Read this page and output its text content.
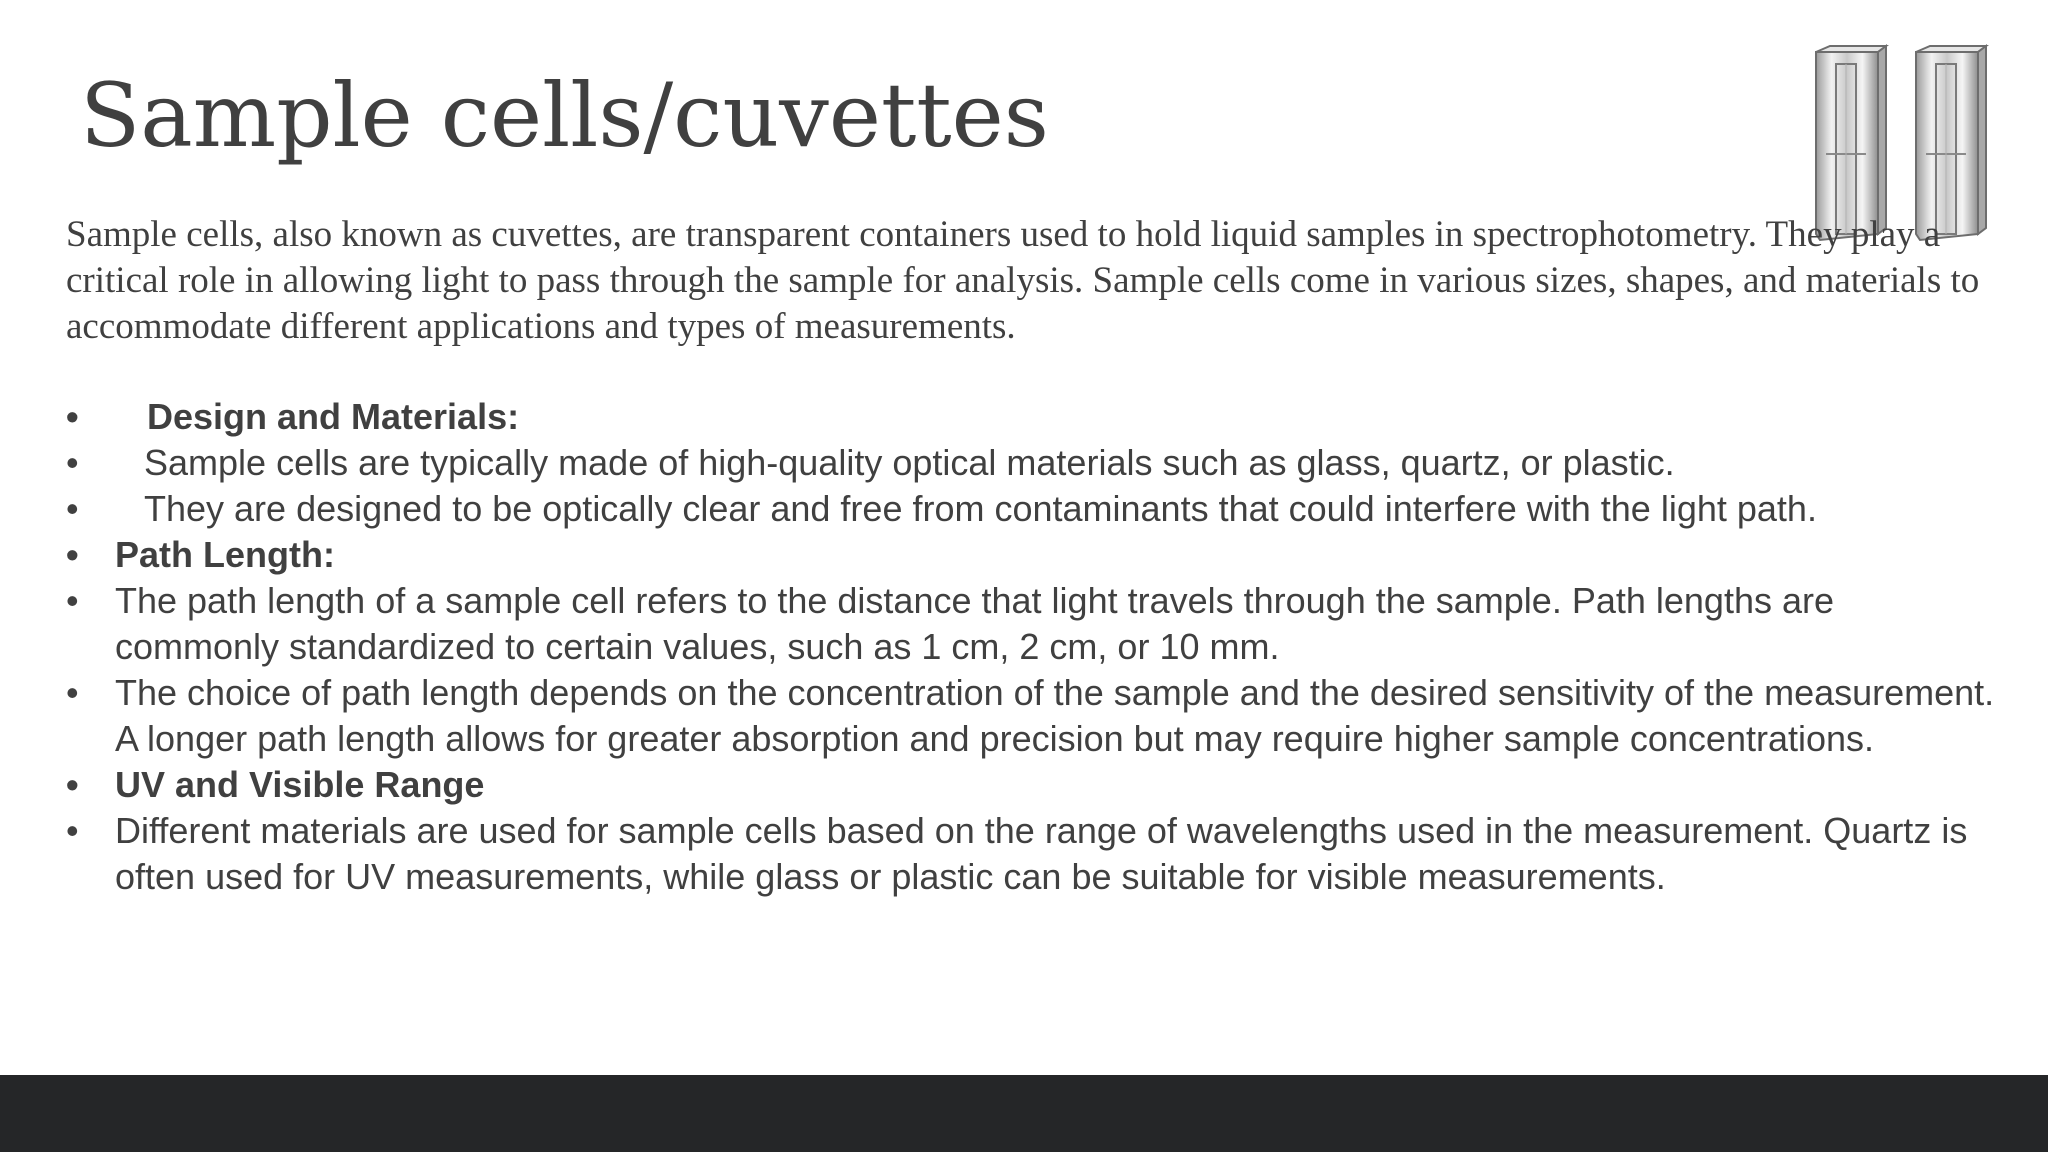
Sample cells/cuvettes

Sample cells, also known as cuvettes, are transparent containers used to hold liquid samples in spectrophotometry. They play a critical role in allowing light to pass through the sample for analysis. Sample cells come in various sizes, shapes, and materials to accommodate different applications and types of measurements.

•	Design and Materials:
•	Sample cells are typically made of high-quality optical materials such as glass, quartz, or plastic.
•	They are designed to be optically clear and free from contaminants that could interfere with the light path.
•	Path Length:
•	The path length of a sample cell refers to the distance that light travels through the sample. Path lengths are commonly standardized to certain values, such as 1 cm, 2 cm, or 10 mm.
•	The choice of path length depends on the concentration of the sample and the desired sensitivity of the measurement. A longer path length allows for greater absorption and precision but may require higher sample concentrations.
•	UV and Visible Range
•	Different materials are used for sample cells based on the range of wavelengths used in the measurement. Quartz is often used for UV measurements, while glass or plastic can be suitable for visible measurements.
